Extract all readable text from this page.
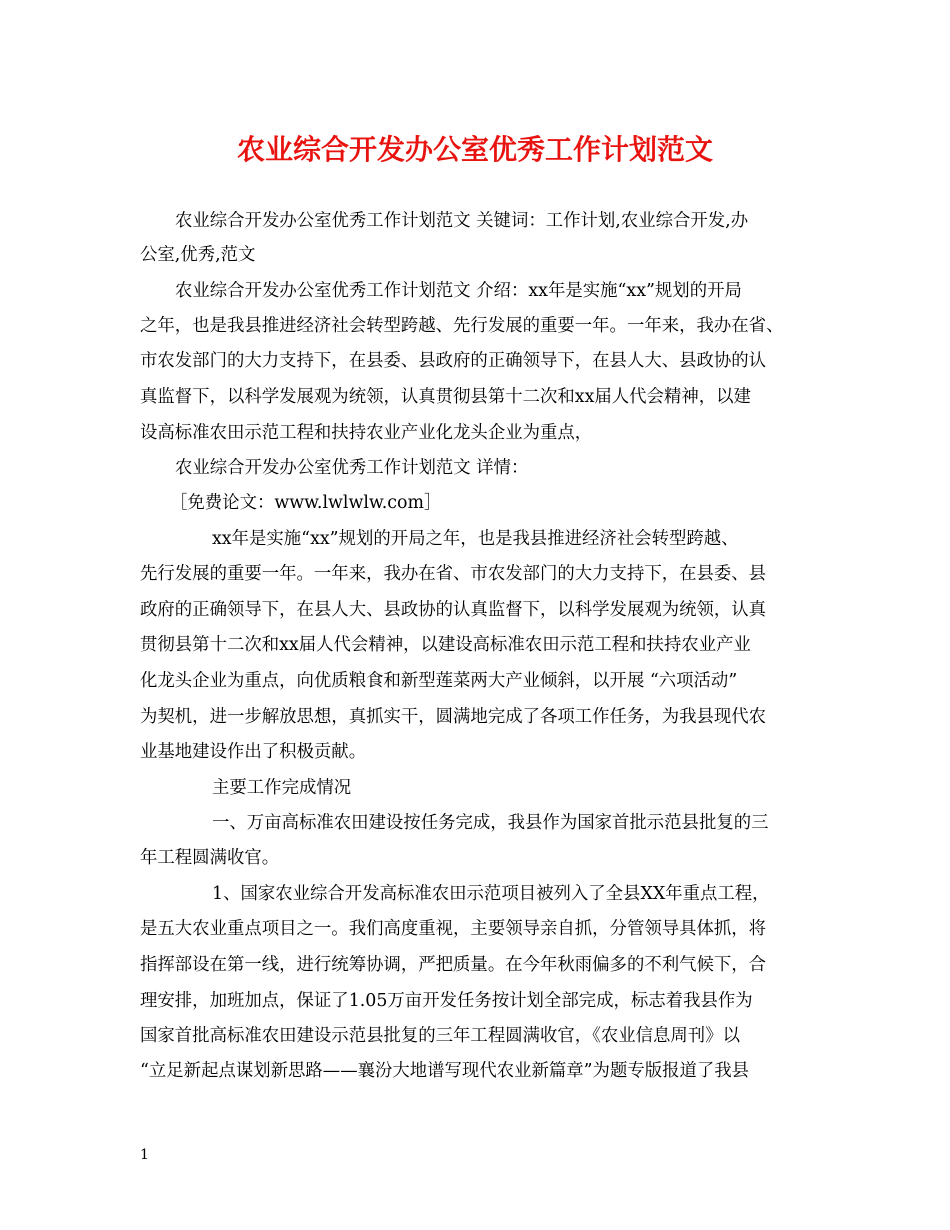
农业综合开发办公室优秀工作计划范文
农业综合开发办公室优秀工作计划范文 关键词：工作计划,农业综合开发,办
公室,优秀,范文
农业综合开发办公室优秀工作计划范文 介绍：xx年是实施“xx”规划的开局
之年，也是我县推进经济社会转型跨越、先行发展的重要一年。一年来，我办在省、
市农发部门的大力支持下，在县委、县政府的正确领导下，在县人大、县政协的认
真监督下，以科学发展观为统领，认真贯彻县第十二次和xx届人代会精神，以建
设高标准农田示范工程和扶持农业产业化龙头企业为重点，
农业综合开发办公室优秀工作计划范文 详情：
［免费论文：www.lwlwlw.com］
xx年是实施“xx”规划的开局之年，也是我县推进经济社会转型跨越、
先行发展的重要一年。一年来，我办在省、市农发部门的大力支持下，在县委、县
政府的正确领导下，在县人大、县政协的认真监督下，以科学发展观为统领，认真
贯彻县第十二次和xx届人代会精神，以建设高标准农田示范工程和扶持农业产业
化龙头企业为重点，向优质粮食和新型莲菜两大产业倾斜，以开展 “六项活动”
为契机，进一步解放思想，真抓实干，圆满地完成了各项工作任务，为我县现代农
业基地建设作出了积极贡献。
主要工作完成情况
一、万亩高标准农田建设按任务完成，我县作为国家首批示范县批复的三
年工程圆满收官。
1、国家农业综合开发高标准农田示范项目被列入了全县XX年重点工程，
是五大农业重点项目之一。我们高度重视，主要领导亲自抓，分管领导具体抓，将
指挥部设在第一线，进行统筹协调，严把质量。在今年秋雨偏多的不利气候下，合
理安排，加班加点，保证了1.05万亩开发任务按计划全部完成，标志着我县作为
国家首批高标准农田建设示范县批复的三年工程圆满收官，《农业信息周刊》以
“立足新起点谋划新思路——襄汾大地谱写现代农业新篇章”为题专版报道了我县
1
